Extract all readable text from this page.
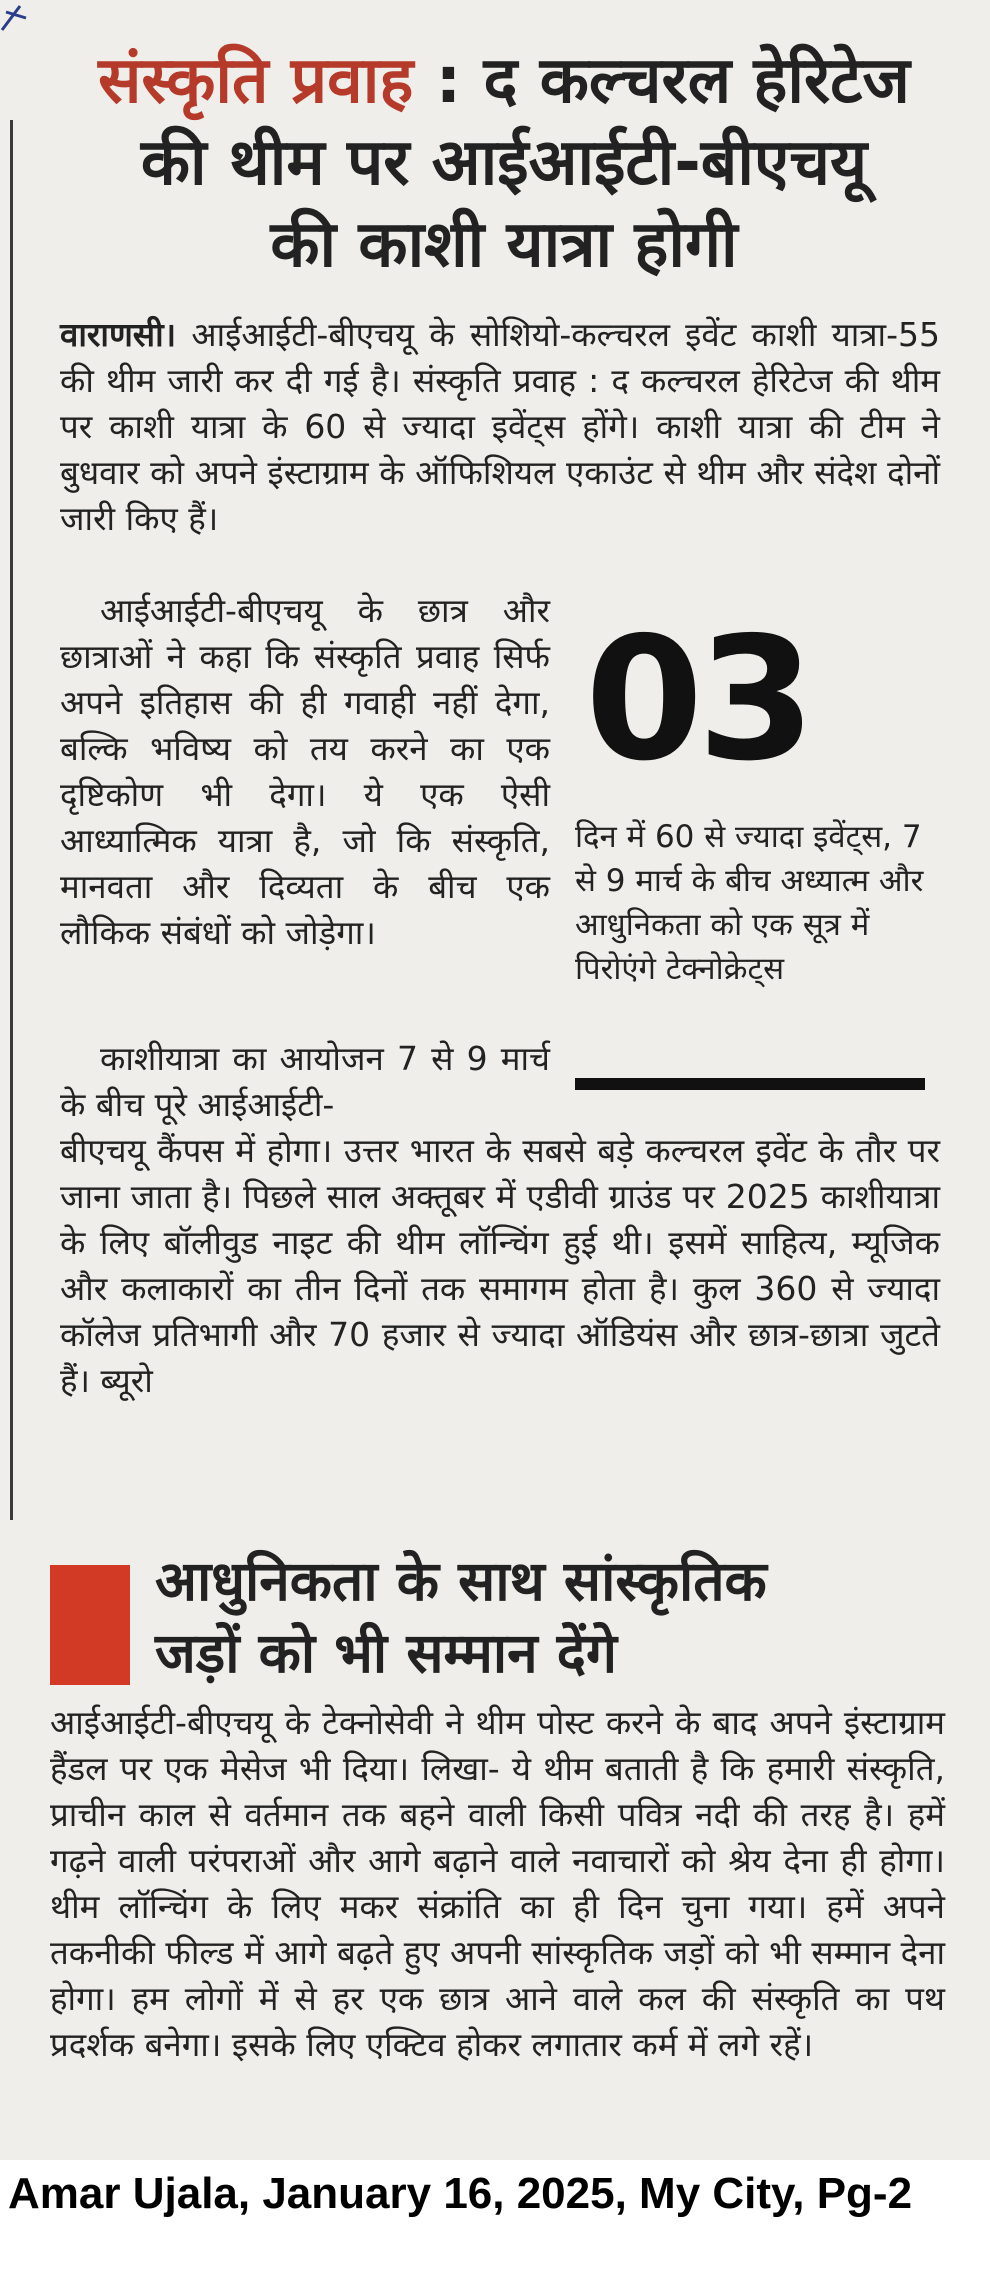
संस्कृति प्रवाह : द कल्चरल हेरिटेज
की थीम पर आईआईटी-बीएचयू
की काशी यात्रा होगी
वाराणसी। आईआईटी-बीएचयू के सोशियो-कल्चरल इवेंट काशी यात्रा-55 की थीम जारी कर दी गई है। संस्कृति प्रवाह : द कल्चरल हेरिटेज की थीम पर काशी यात्रा के 60 से ज्यादा इवेंट्स होंगे। काशी यात्रा की टीम ने बुधवार को अपने इंस्टाग्राम के ऑफिशियल एकाउंट से थीम और संदेश दोनों जारी किए हैं।
आईआईटी-बीएचयू के छात्र और छात्राओं ने कहा कि संस्कृति प्रवाह सिर्फ अपने इतिहास की ही गवाही नहीं देगा, बल्कि भविष्य को तय करने का एक दृष्टिकोण भी देगा। ये एक ऐसी आध्यात्मिक यात्रा है, जो कि संस्कृति, मानवता और दिव्यता के बीच एक लौकिक संबंधों को जोड़ेगा।
काशीयात्रा का आयोजन 7 से 9 मार्च के बीच पूरे आईआईटी-
03
दिन में 60 से ज्यादा इवेंट्स, 7 से 9 मार्च के बीच अध्यात्म और आधुनिकता को एक सूत्र में पिरोएंगे टेक्नोक्रेट्स
बीएचयू कैंपस में होगा। उत्तर भारत के सबसे बड़े कल्चरल इवेंट के तौर पर जाना जाता है। पिछले साल अक्तूबर में एडीवी ग्राउंड पर 2025 काशीयात्रा के लिए बॉलीवुड नाइट की थीम लॉन्चिंग हुई थी। इसमें साहित्य, म्यूजिक और कलाकारों का तीन दिनों तक समागम होता है। कुल 360 से ज्यादा कॉलेज प्रतिभागी और 70 हजार से ज्यादा ऑडियंस और छात्र-छात्रा जुटते हैं। ब्यूरो
आधुनिकता के साथ सांस्कृतिक
जड़ों को भी सम्मान देंगे
आईआईटी-बीएचयू के टेक्नोसेवी ने थीम पोस्ट करने के बाद अपने इंस्टाग्राम हैंडल पर एक मेसेज भी दिया। लिखा- ये थीम बताती है कि हमारी संस्कृति, प्राचीन काल से वर्तमान तक बहने वाली किसी पवित्र नदी की तरह है। हमें गढ़ने वाली परंपराओं और आगे बढ़ाने वाले नवाचारों को श्रेय देना ही होगा। थीम लॉन्चिंग के लिए मकर संक्रांति का ही दिन चुना गया। हमें अपने तकनीकी फील्ड में आगे बढ़ते हुए अपनी सांस्कृतिक जड़ों को भी सम्मान देना होगा। हम लोगों में से हर एक छात्र आने वाले कल की संस्कृति का पथ प्रदर्शक बनेगा। इसके लिए एक्टिव होकर लगातार कर्म में लगे रहें।
Amar Ujala, January 16, 2025, My City, Pg-2
